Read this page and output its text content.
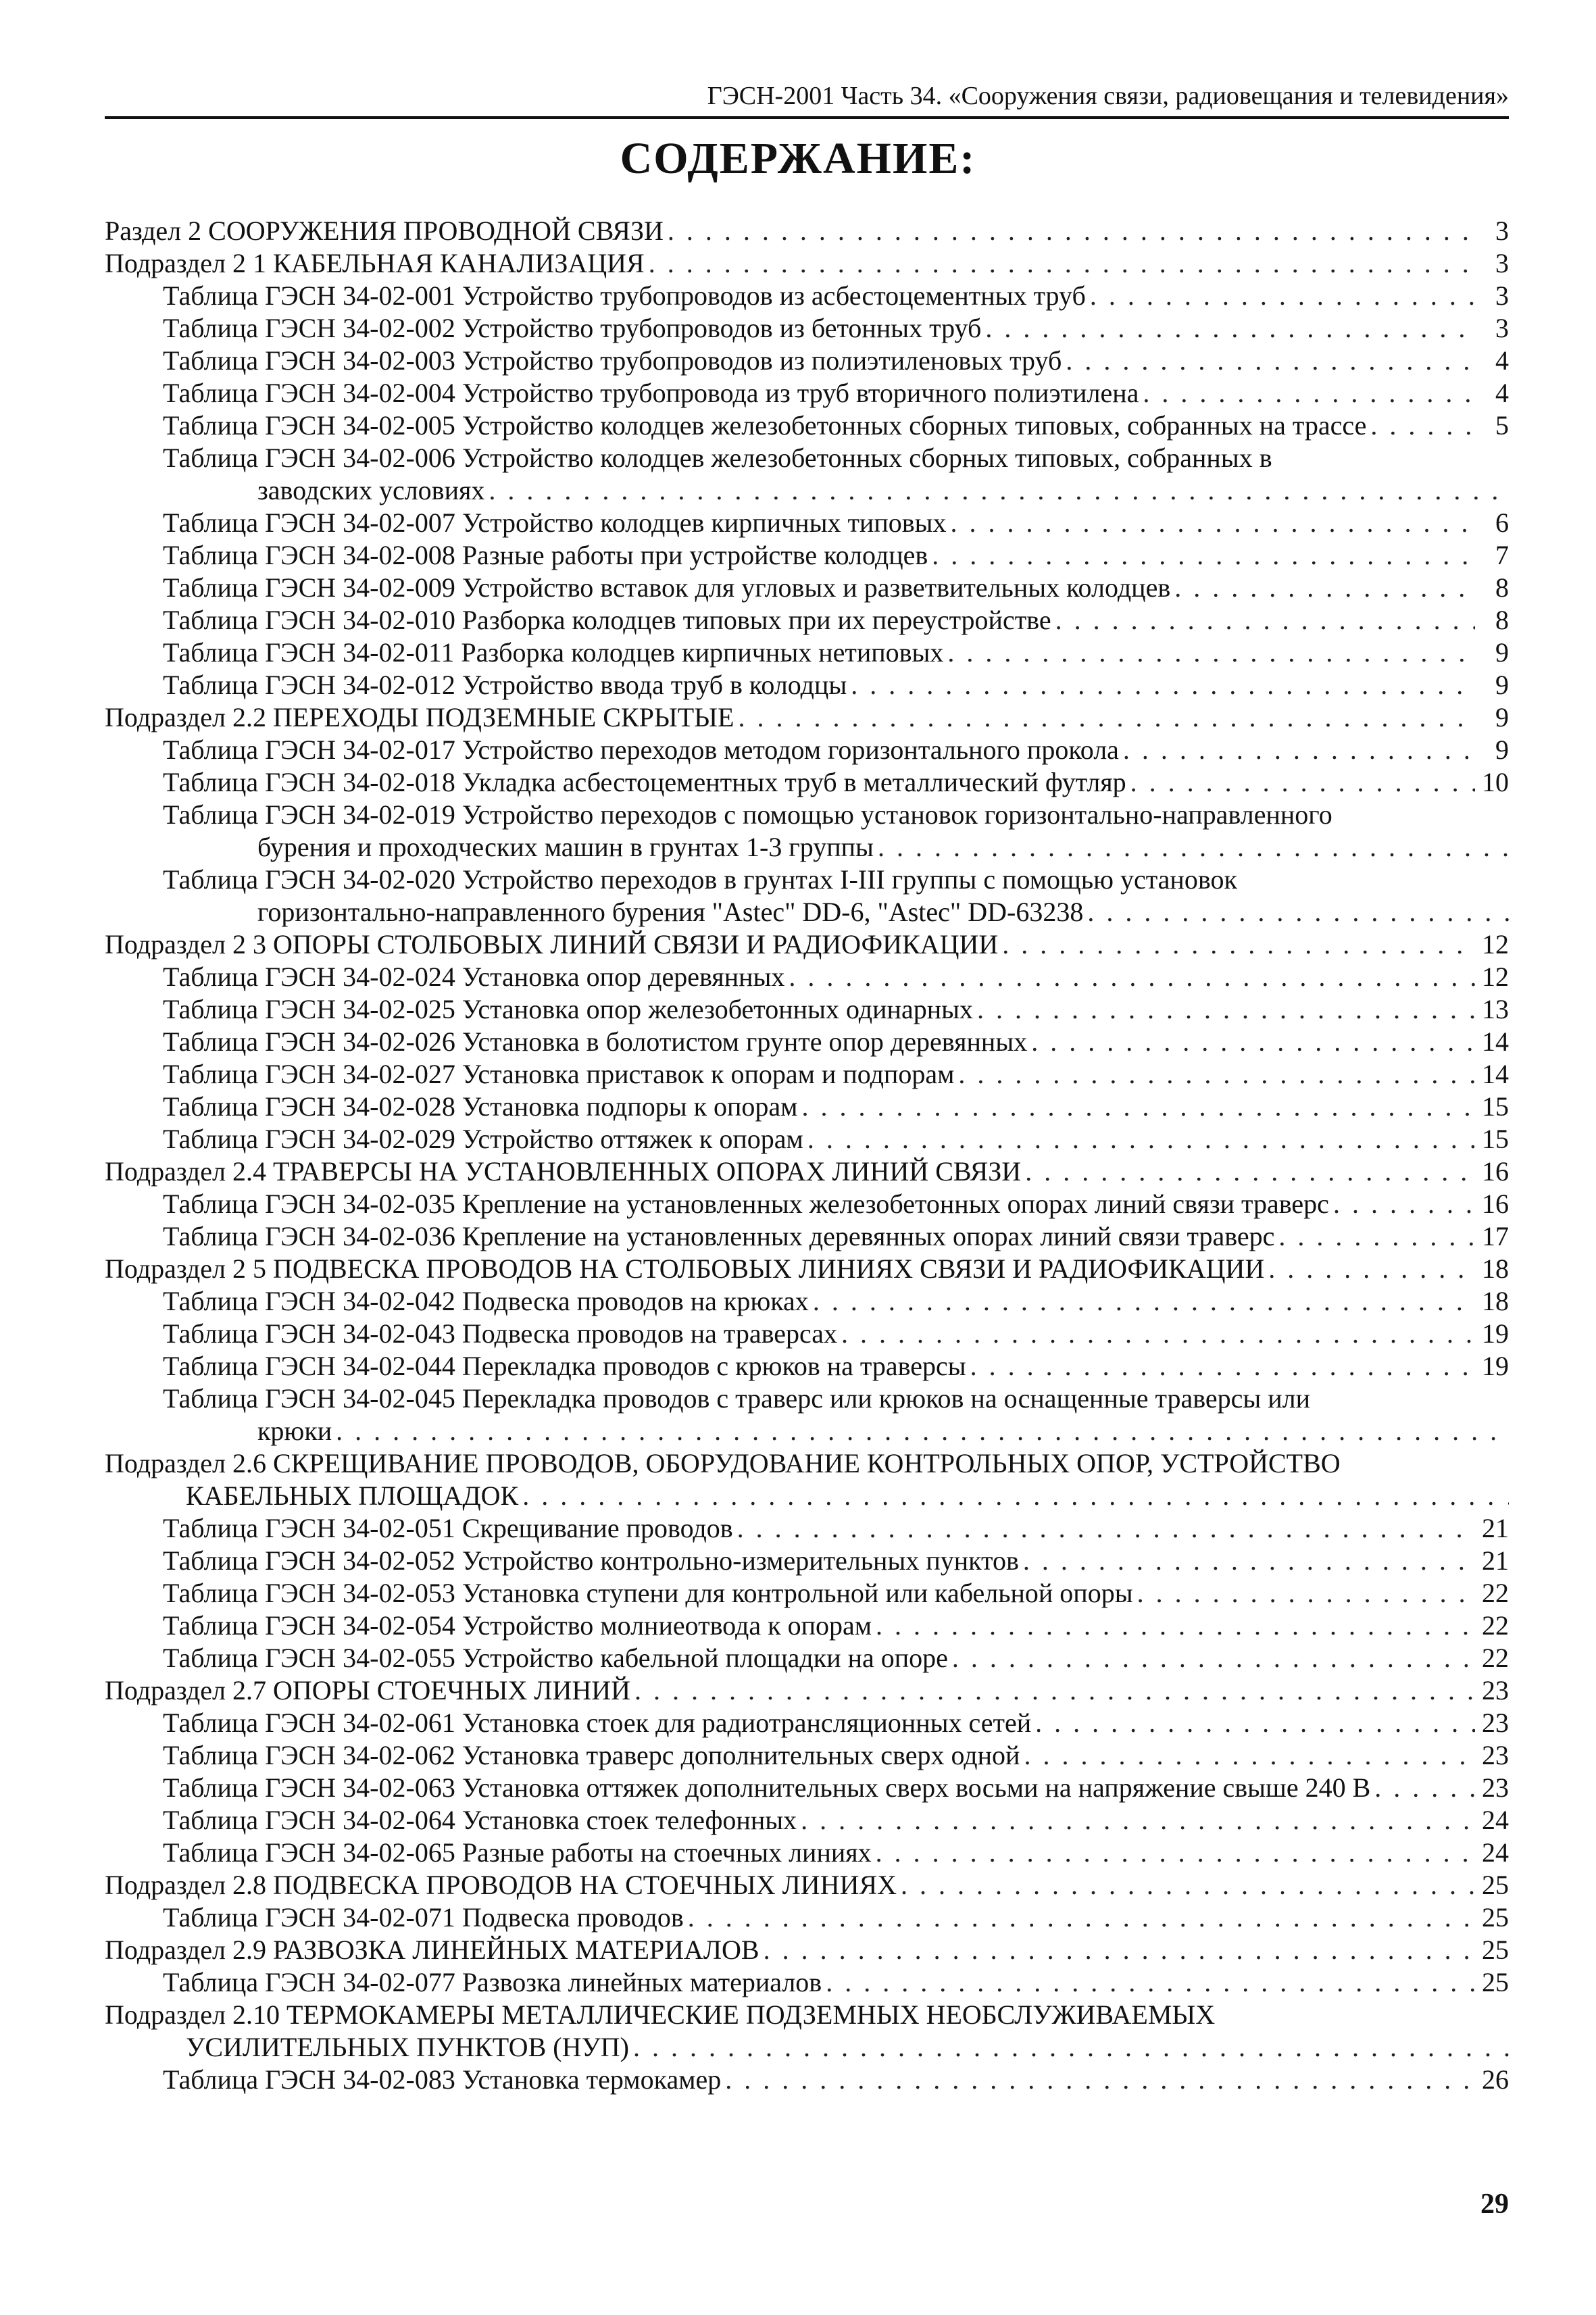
ГЭСН-2001 Часть 34. «Сооружения связи, радиовещания и телевидения»
СОДЕРЖАНИЕ:
Раздел 2 СООРУЖЕНИЯ ПРОВОДНОЙ СВЯЗИ . . .	3
Подраздел 2 1 КАБЕЛЬНАЯ КАНАЛИЗАЦИЯ . . .	3
Таблица ГЭСН 34-02-001 Устройство трубопроводов из асбестоцементных труб . . .	3
Таблица ГЭСН 34-02-002 Устройство трубопроводов из бетонных труб . . .	3
Таблица ГЭСН 34-02-003 Устройство трубопроводов из полиэтиленовых труб . . .	4
Таблица ГЭСН 34-02-004 Устройство трубопровода из труб вторичного полиэтилена . . .	4
Таблица ГЭСН 34-02-005 Устройство колодцев железобетонных сборных типовых, собранных на трассе . . .	5
Таблица ГЭСН 34-02-006 Устройство колодцев железобетонных сборных типовых, собранных в
заводских условиях
. . .
Таблица ГЭСН 34-02-007 Устройство колодцев кирпичных типовых . . .	6
Таблица ГЭСН 34-02-008 Разные работы при устройстве колодцев . . .	7
Таблица ГЭСН 34-02-009 Устройство вставок для угловых и разветвительных колодцев . . .	8
Таблица ГЭСН 34-02-010 Разборка колодцев типовых при их переустройстве . . .	8
Таблица ГЭСН 34-02-011 Разборка колодцев кирпичных нетиповых . . .	9
Таблица ГЭСН 34-02-012 Устройство ввода труб в колодцы . . .	9
Подраздел 2.2 ПЕРЕХОДЫ ПОДЗЕМНЫЕ СКРЫТЫЕ . . .	9
Таблица ГЭСН 34-02-017 Устройство переходов методом горизонтального прокола . . .	9
Таблица ГЭСН 34-02-018 Укладка асбестоцементных труб в металлический футляр . . .	10
Таблица ГЭСН 34-02-019 Устройство переходов с помощью установок горизонтально-направленного
бурения и проходческих машин в грунтах 1-3 группы
. . .
Таблица ГЭСН 34-02-020 Устройство переходов в грунтах I-III группы с помощью установок
горизонтально-направленного бурения "Astec" DD-6, "Astec" DD-63238
. . .
Подраздел 2 3 ОПОРЫ СТОЛБОВЫХ ЛИНИЙ СВЯЗИ И РАДИОФИКАЦИИ . . .	12
Таблица ГЭСН 34-02-024 Установка опор деревянных . . .	12
Таблица ГЭСН 34-02-025 Установка опор железобетонных одинарных . . .	13
Таблица ГЭСН 34-02-026 Установка в болотистом грунте опор деревянных . . .	14
Таблица ГЭСН 34-02-027 Установка приставок к опорам и подпорам . . .	14
Таблица ГЭСН 34-02-028 Установка подпоры к опорам . . .	15
Таблица ГЭСН 34-02-029 Устройство оттяжек к опорам . . .	15
Подраздел 2.4 ТРАВЕРСЫ НА УСТАНОВЛЕННЫХ ОПОРАХ ЛИНИЙ СВЯЗИ . . .	16
Таблица ГЭСН 34-02-035 Крепление на установленных железобетонных опорах линий связи траверс . . .	16
Таблица ГЭСН 34-02-036 Крепление на установленных деревянных опорах линий связи траверс . . .	17
Подраздел 2 5 ПОДВЕСКА ПРОВОДОВ НА СТОЛБОВЫХ ЛИНИЯХ СВЯЗИ И РАДИОФИКАЦИИ . . .	18
Таблица ГЭСН 34-02-042 Подвеска проводов на крюках . . .	18
Таблица ГЭСН 34-02-043 Подвеска проводов на траверсах . . .	19
Таблица ГЭСН 34-02-044 Перекладка проводов с крюков на траверсы . . .	19
Таблица ГЭСН 34-02-045 Перекладка проводов с траверс или крюков на оснащенные траверсы или
крюки
. . .
Подраздел 2.6 СКРЕЩИВАНИЕ ПРОВОДОВ, ОБОРУДОВАНИЕ КОНТРОЛЬНЫХ ОПОР, УСТРОЙСТВО
КАБЕЛЬНЫХ ПЛОЩАДОК
. . .
Таблица ГЭСН 34-02-051 Скрещивание проводов . . .	21
Таблица ГЭСН 34-02-052 Устройство контрольно-измерительных пунктов . . .	21
Таблица ГЭСН 34-02-053 Установка ступени для контрольной или кабельной опоры . . .	22
Таблица ГЭСН 34-02-054 Устройство молниеотвода к опорам . . .	22
Таблица ГЭСН 34-02-055 Устройство кабельной площадки на опоре . . .	22
Подраздел 2.7 ОПОРЫ СТОЕЧНЫХ ЛИНИЙ . . .	23
Таблица ГЭСН 34-02-061 Установка стоек для радиотрансляционных сетей . . .	23
Таблица ГЭСН 34-02-062 Установка траверс дополнительных сверх одной . . .	23
Таблица ГЭСН 34-02-063 Установка оттяжек дополнительных сверх восьми на напряжение свыше 240 В . . .	23
Таблица ГЭСН 34-02-064 Установка стоек телефонных . . .	24
Таблица ГЭСН 34-02-065 Разные работы на стоечных линиях . . .	24
Подраздел 2.8 ПОДВЕСКА ПРОВОДОВ НА СТОЕЧНЫХ ЛИНИЯХ . . .	25
Таблица ГЭСН 34-02-071 Подвеска проводов . . .	25
Подраздел 2.9 РАЗВОЗКА ЛИНЕЙНЫХ МАТЕРИАЛОВ . . .	25
Таблица ГЭСН 34-02-077 Развозка линейных материалов . . .	25
Подраздел 2.10 ТЕРМОКАМЕРЫ МЕТАЛЛИЧЕСКИЕ ПОДЗЕМНЫХ НЕОБСЛУЖИВАЕМЫХ
УСИЛИТЕЛЬНЫХ ПУНКТОВ (НУП)
. . .
Таблица ГЭСН 34-02-083 Установка термокамер . . .	26
29
